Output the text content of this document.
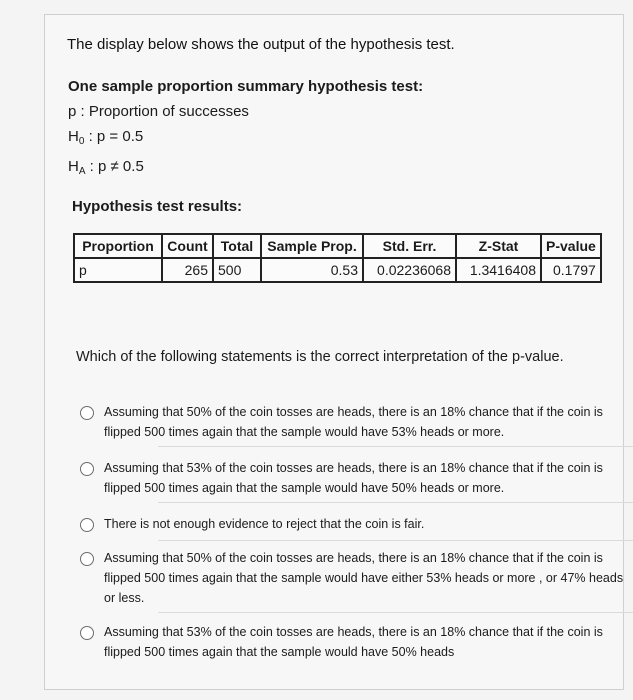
The display below shows the output of the hypothesis test.
One sample proportion summary hypothesis test:
p : Proportion of successes
$H_0$ : p = 0.5
$H_A$ : p ≠ 0.5
Hypothesis test results:
Proportion	Count	Total	Sample Prop.	Std. Err.	Z-Stat	P-value
p	265	500	0.53	0.02236068	1.3416408	0.1797
Which of the following statements is the correct interpretation of the p-value.
Assuming that 50% of the coin tosses are heads, there is an 18% chance that if the coin is flipped 500 times again that the sample would have 53% heads or more.
Assuming that 53% of the coin tosses are heads, there is an 18% chance that if the coin is flipped 500 times again that the sample would have 50% heads or more.
There is not enough evidence to reject that the coin is fair.
Assuming that 50% of the coin tosses are heads, there is an 18% chance that if the coin is flipped 500 times again that the sample would have either 53% heads or more , or 47% heads or less.
Assuming that 53% of the coin tosses are heads, there is an 18% chance that if the coin is flipped 500 times again that the sample would have 50% heads
